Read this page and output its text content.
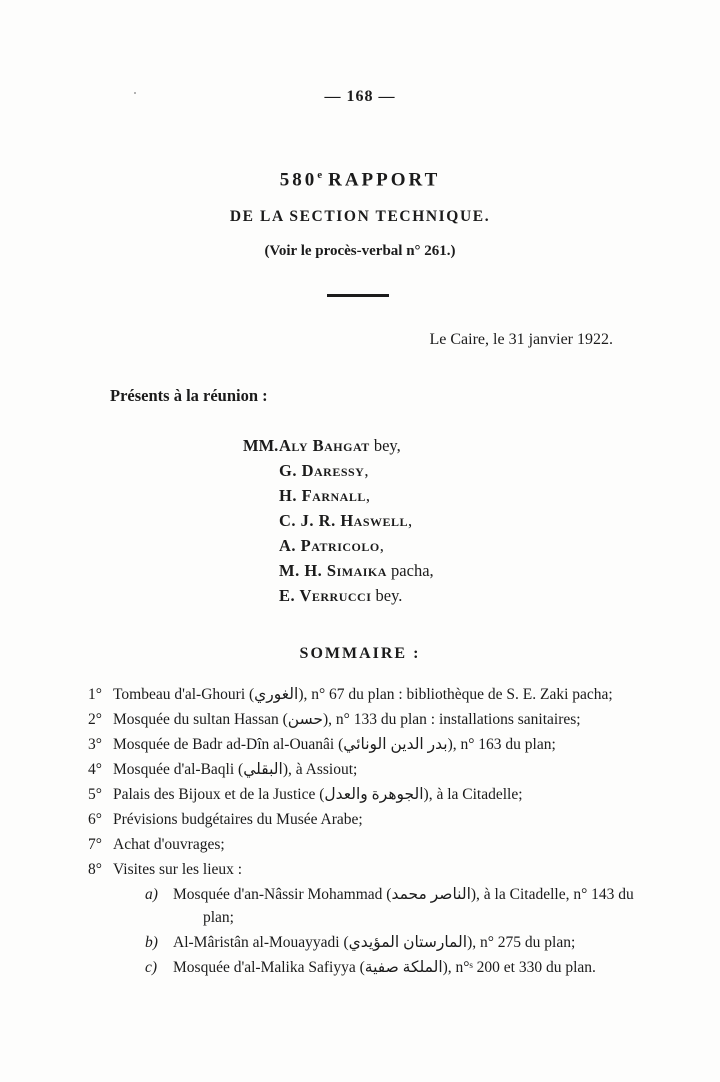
— 168 —
580e RAPPORT
DE LA SECTION TECHNIQUE.
(Voir le procès-verbal n° 261.)
Le Caire, le 31 janvier 1922.
Présents à la réunion :
MM.Aly Bahgat bey,
G. Daressy,
H. Farnall,
C. J. R. Haswell,
A. Patricolo,
M. H. Simaika pacha,
E. Verrucci bey.
SOMMAIRE :
1° Tombeau d'al-Ghouri (الغوري), n° 67 du plan : bibliothèque de S. E. Zaki pacha;
2° Mosquée du sultan Hassan (حسن), n° 133 du plan : installations sanitaires;
3° Mosquée de Badr ad-Dîn al-Ouanâi (بدر الدين الونائي), n° 163 du plan;
4° Mosquée d'al-Baqli (البقلي), à Assiout;
5° Palais des Bijoux et de la Justice (الجوهرة والعدل), à la Citadelle;
6° Prévisions budgétaires du Musée Arabe;
7° Achat d'ouvrages;
8° Visites sur les lieux :
a) Mosquée d'an-Nâssir Mohammad (الناصر محمد), à la Citadelle, n° 143 du plan;
b) Al-Mâristân al-Mouayyadi (المارستان المؤيدي), n° 275 du plan;
c)	Mosquée d'al-Malika Safiyya (الملكة صفية), n°ˢ 200 et 330 du plan.
